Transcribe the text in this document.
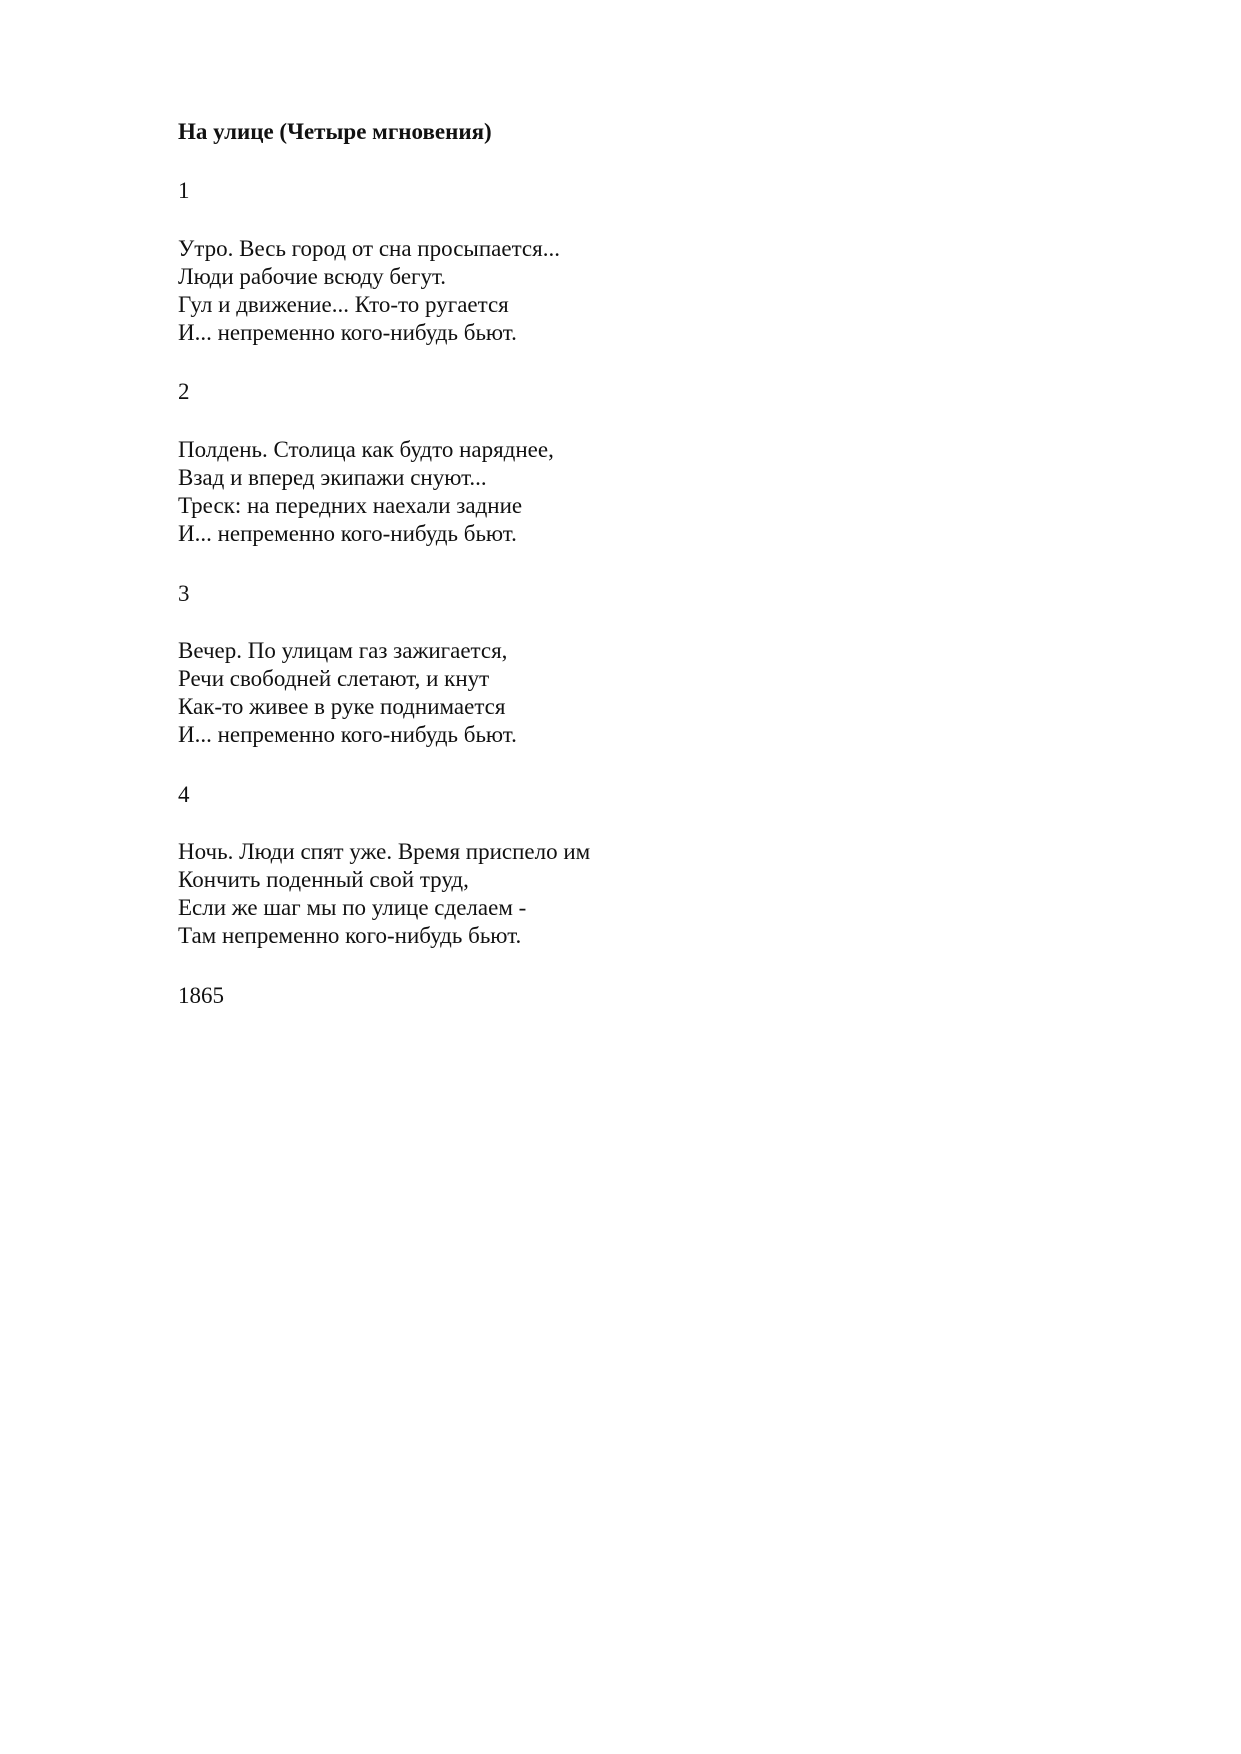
На улице (Четыре мгновения)
1
Утро. Весь город от сна просыпается...
Люди рабочие всюду бегут.
Гул и движение... Кто-то ругается
И... непременно кого-нибудь бьют.
2
Полдень. Столица как будто наряднее,
Взад и вперед экипажи снуют...
Треск: на передних наехали задние
И... непременно кого-нибудь бьют.
3
Вечер. По улицам газ зажигается,
Речи свободней слетают, и кнут
Как-то живее в руке поднимается
И... непременно кого-нибудь бьют.
4
Ночь. Люди спят уже. Время приспело им
Кончить поденный свой труд,
Если же шаг мы по улице сделаем -
Там непременно кого-нибудь бьют.
1865
